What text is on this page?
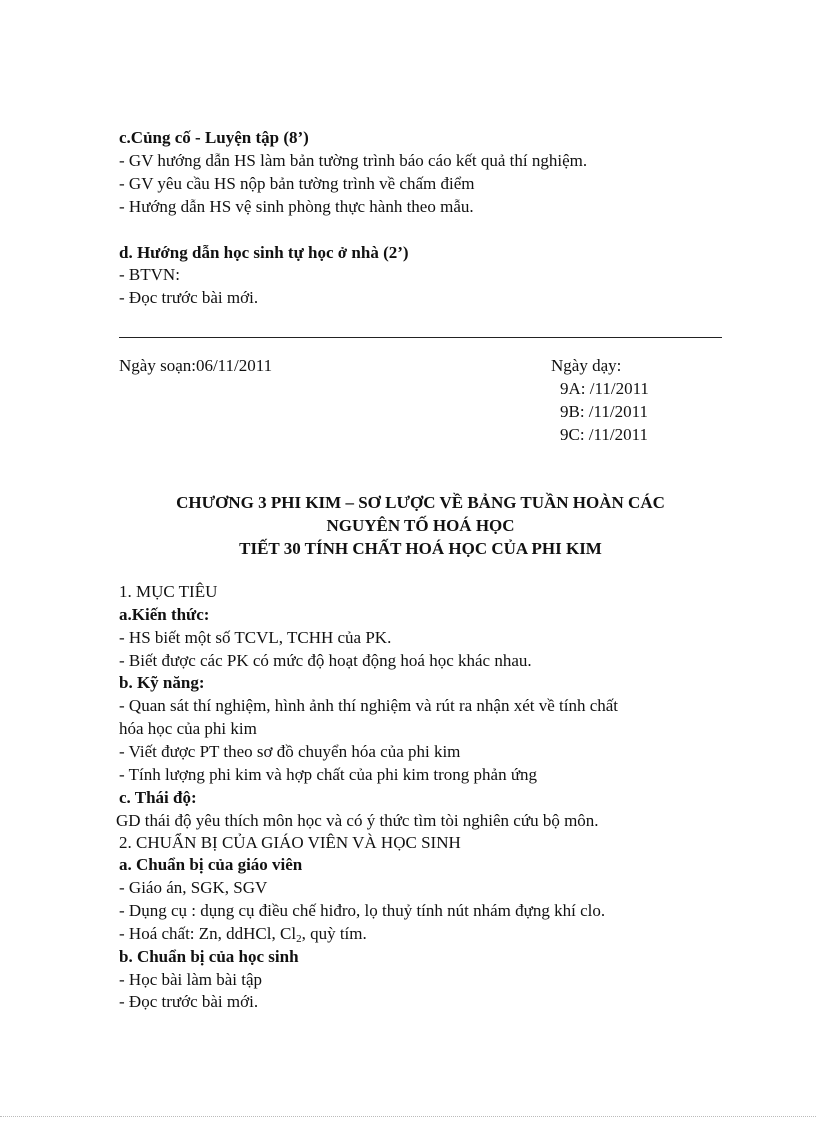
c.Củng cố - Luyện tập (8’)
- GV hướng dẫn HS làm bản tường trình báo cáo kết quả thí nghiệm.
- GV yêu cầu HS nộp bản tường trình về chấm điểm
- Hướng dẫn HS vệ sinh phòng thực hành theo mẫu.
d. Hướng dẫn học sinh tự học ở nhà (2’)
- BTVN:
- Đọc trước bài mới.
Ngày soạn:06/11/2011	Ngày dạy:
9A: /11/2011
9B: /11/2011
9C: /11/2011
CHƯƠNG 3 PHI KIM – SƠ LƯỢC VỀ BẢNG TUẦN HOÀN CÁC
NGUYÊN TỐ HOÁ HỌC
TIẾT 30 TÍNH CHẤT HOÁ HỌC CỦA PHI KIM
1. MỤC TIÊU
a.Kiến thức:
- HS biết một số TCVL, TCHH của PK.
- Biết được các PK có mức độ hoạt động hoá học khác nhau.
b. Kỹ năng:
- Quan sát thí nghiệm, hình ảnh thí nghiệm và rút ra nhận xét về tính chất
hóa học của phi kim
- Viết được PT theo sơ đồ chuyển hóa của phi kim
- Tính lượng phi kim và hợp chất của phi kim trong phản ứng
c. Thái độ:
GD thái độ yêu thích môn học và có ý thức tìm tòi nghiên cứu bộ môn.
2. CHUẨN BỊ CỦA GIÁO VIÊN VÀ HỌC SINH
a. Chuẩn bị của giáo viên
- Giáo án, SGK, SGV
- Dụng cụ : dụng cụ điều chế hiđro, lọ thuỷ tính nút nhám đựng khí clo.
- Hoá chất: Zn, ddHCl, $Cl_2$, quỳ tím.
b. Chuẩn bị của học sinh
- Học bài làm bài tập
- Đọc trước bài mới.
